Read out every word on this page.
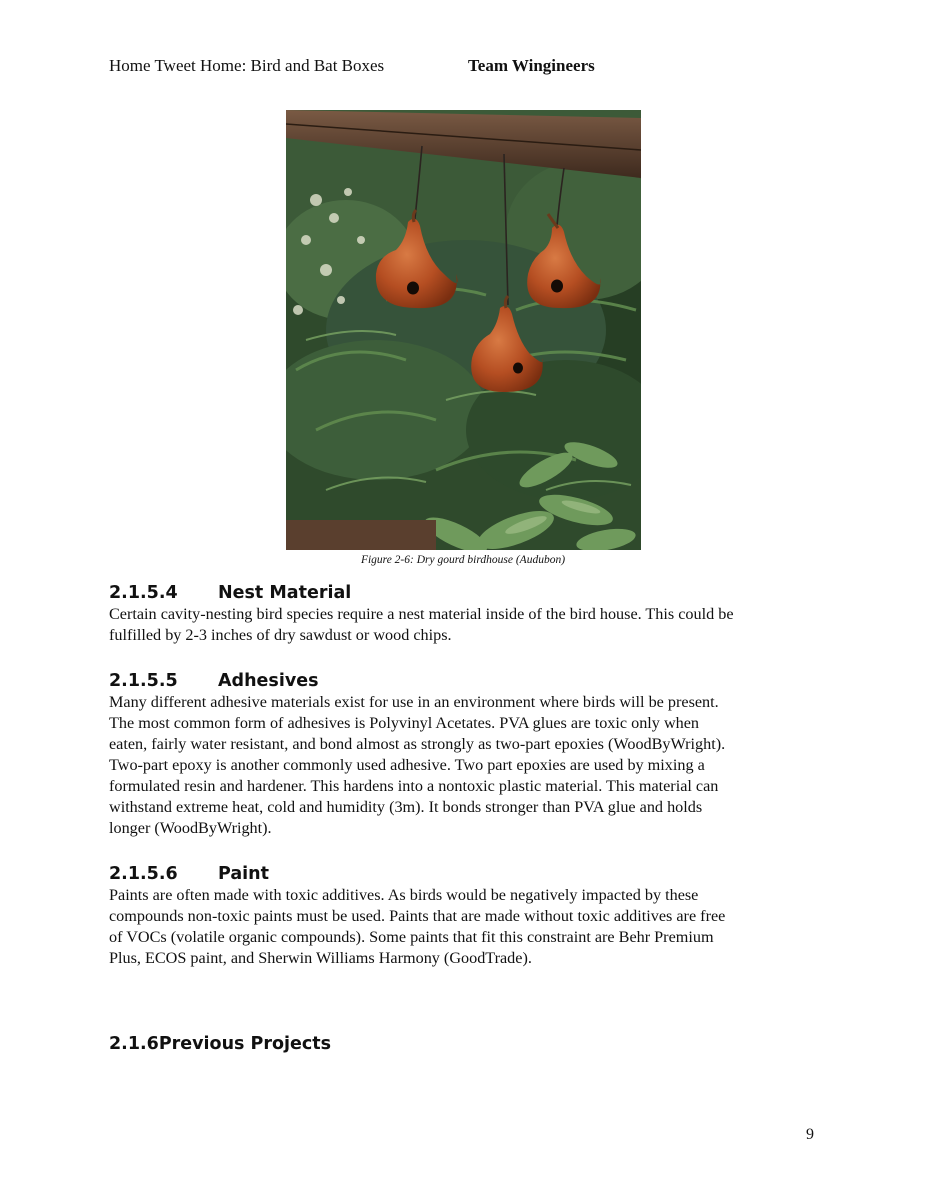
Home Tweet Home: Bird and Bat Boxes	Team Wingineers
Figure 2-6: Dry gourd birdhouse (Audubon)
2.1.5.4	Nest Material

Certain cavity-nesting bird species require a nest material inside of the bird house. This could be
fulfilled by 2-3 inches of dry sawdust or wood chips.

2.1.5.5	Adhesives

Many different adhesive materials exist for use in an environment where birds will be present.
The most common form of adhesives is Polyvinyl Acetates. PVA glues are toxic only when
eaten, fairly water resistant, and bond almost as strongly as two-part epoxies (WoodByWright).
Two-part epoxy is another commonly used adhesive. Two part epoxies are used by mixing a
formulated resin and hardener. This hardens into a nontoxic plastic material. This material can
withstand extreme heat, cold and humidity (3m). It bonds stronger than PVA glue and holds
longer (WoodByWright).

2.1.5.6	Paint

Paints are often made with toxic additives. As birds would be negatively impacted by these
compounds non-toxic paints must be used. Paints that are made without toxic additives are free
of VOCs (volatile organic compounds). Some paints that fit this constraint are Behr Premium
Plus, ECOS paint, and Sherwin Williams Harmony (GoodTrade).

2.1.6Previous Projects
9
